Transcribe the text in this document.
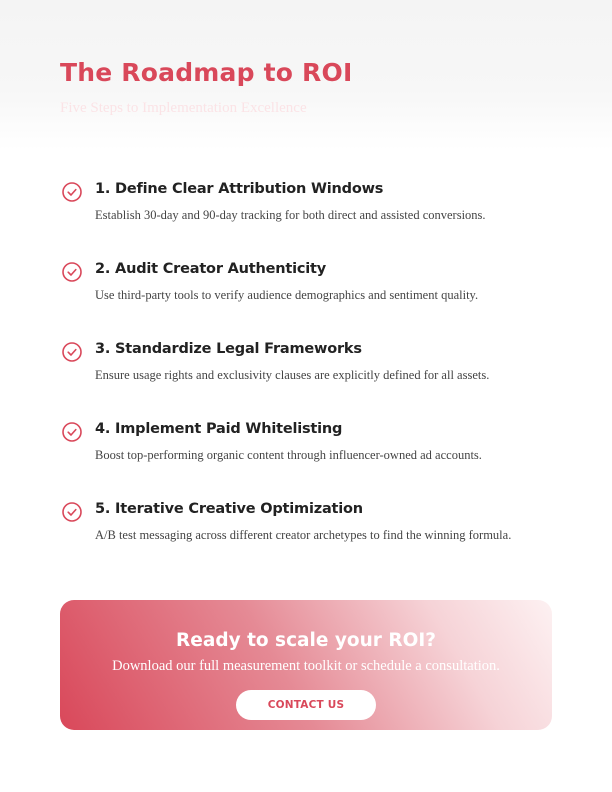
The Roadmap to ROI

Five Steps to Implementation Excellence

1. Define Clear Attribution Windows
Establish 30-day and 90-day tracking for both direct and assisted conversions.
2. Audit Creator Authenticity
Use third-party tools to verify audience demographics and sentiment quality.
3. Standardize Legal Frameworks
Ensure usage rights and exclusivity clauses are explicitly defined for all assets.
4. Implement Paid Whitelisting
Boost top-performing organic content through influencer-owned ad accounts.
5. Iterative Creative Optimization
A/B test messaging across different creator archetypes to find the winning formula.
Ready to scale your ROI?

Download our full measurement toolkit or schedule a consultation.

CONTACT US
